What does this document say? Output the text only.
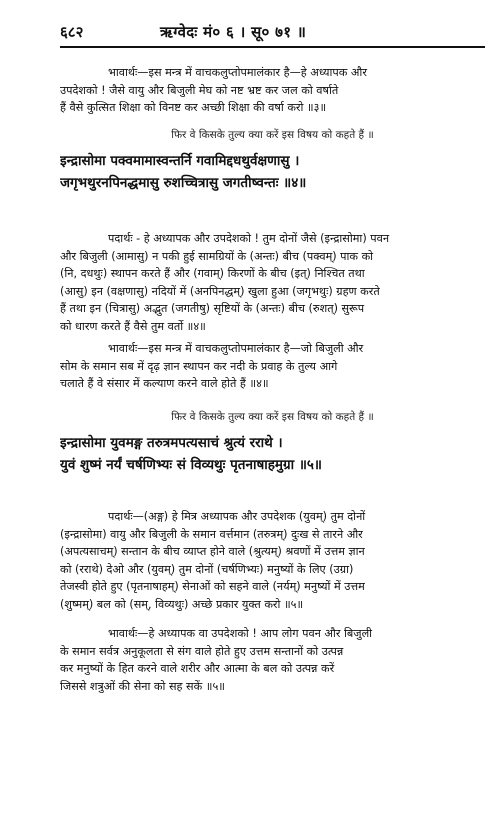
६८२	ऋग्वेदः मं० ६ । सू० ७१ ॥
भावार्थः—इस मन्त्र में वाचकलुप्तोपमालंकार है—हे अध्यापक और
उपदेशको ! जैसे वायु और बिजुली मेघ को नष्ट भ्रष्ट कर जल को वर्षाते
हैं वैसे कुत्सित शिक्षा को विनष्ट कर अच्छी शिक्षा की वर्षा करो ॥३॥
फिर वे किसके तुल्य क्या करें इस विषय को कहते हैं ॥
इन्द्रासोमा पक्वमामास्वन्तर्नि गवामिद्दधथुर्वक्षणासु ।
जगृभथुरनपिनद्धमासु रुशच्चित्रासु जगतीष्वन्तः ॥४॥
पदार्थः - हे अध्यापक और उपदेशको ! तुम दोनों जैसे (इन्द्रासोमा) पवन
और बिजुली (आमासु) न पकी हुई सामग्रियों के (अन्तः) बीच (पक्वम्) पाक को
(नि, दधथुः) स्थापन करते हैं और (गवाम्) किरणों के बीच (इत्) निश्चित तथा
(आसु) इन (वक्षणासु) नदियों में (अनपिनद्धम्) खुला हुआ (जगृभथुः) ग्रहण करते
हैं तथा इन (चित्रासु) अद्भुत (जगतीषु) सृष्टियों के (अन्तः) बीच (रुशत्) सुरूप
को धारण करते हैं वैसे तुम वर्तो ॥४॥
भावार्थः—इस मन्त्र में वाचकलुप्तोपमालंकार है—जो बिजुली और
सोम के समान सब में दृढ़ ज्ञान स्थापन कर नदी के प्रवाह के तुल्य आगे
चलाते हैं वे संसार में कल्याण करने वाले होते हैं ॥४॥
फिर वे किसके तुल्य क्या करें इस विषय को कहते हैं ॥
इन्द्रासोमा युवमङ्ग तरुत्रमपत्यसाचं श्रुत्यं रराथे ।
युवं शुष्मं नर्यं चर्षणिभ्यः सं विव्यथुः पृतनाषाहमुग्रा ॥५॥
पदार्थः—(अङ्ग) हे मित्र अध्यापक और उपदेशक (युवम्) तुम दोनों
(इन्द्रासोमा) वायु और बिजुली के समान वर्त्तमान (तरुत्रम्) दुःख से तारने और
(अपत्यसाचम्) सन्तान के बीच व्याप्त होने वाले (श्रुत्यम्) श्रवणों में उत्तम ज्ञान
को (रराथे) देओ और (युवम्) तुम दोनों (चर्षणिभ्यः) मनुष्यों के लिए (उग्रा)
तेजस्वी होते हुए (पृतनाषाहम्) सेनाओं को सहने वाले (नर्यम्) मनुष्यों में उत्तम
(शुष्मम्) बल को (सम्, विव्यथुः) अच्छे प्रकार युक्त करो ॥५॥
भावार्थः—हे अध्यापक वा उपदेशको ! आप लोग पवन और बिजुली
के समान सर्वत्र अनुकूलता से संग वाले होते हुए उत्तम सन्तानों को उत्पन्न
कर मनुष्यों के हित करने वाले शरीर और आत्मा के बल को उत्पन्न करें
जिससे शत्रुओं की सेना को सह सकें ॥५॥
